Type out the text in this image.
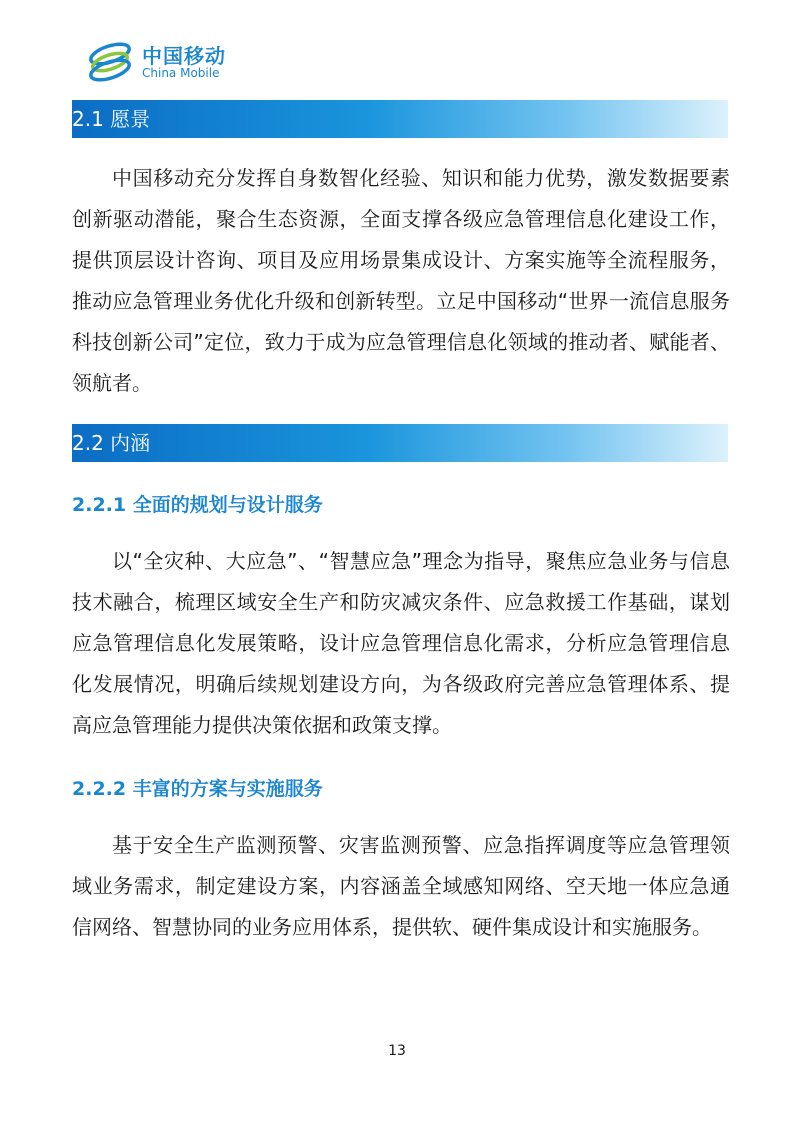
中国移动
China Mobile
2.1 愿景

中国移动充分发挥自身数智化经验、知识和能力优势，激发数据要素创新驱动潜能，聚合生态资源，全面支撑各级应急管理信息化建设工作，提供顶层设计咨询、项目及应用场景集成设计、方案实施等全流程服务，推动应急管理业务优化升级和创新转型。立足中国移动“世界一流信息服务科技创新公司”定位，致力于成为应急管理信息化领域的推动者、赋能者、领航者。

2.2 内涵
2.2.1 全面的规划与设计服务

以“全灾种、大应急”、“智慧应急”理念为指导，聚焦应急业务与信息技术融合，梳理区域安全生产和防灾减灾条件、应急救援工作基础，谋划应急管理信息化发展策略，设计应急管理信息化需求，分析应急管理信息化发展情况，明确后续规划建设方向，为各级政府完善应急管理体系、提高应急管理能力提供决策依据和政策支撑。

2.2.2 丰富的方案与实施服务

基于安全生产监测预警、灾害监测预警、应急指挥调度等应急管理领域业务需求，制定建设方案，内容涵盖全域感知网络、空天地一体应急通信网络、智慧协同的业务应用体系，提供软、硬件集成设计和实施服务。

13
